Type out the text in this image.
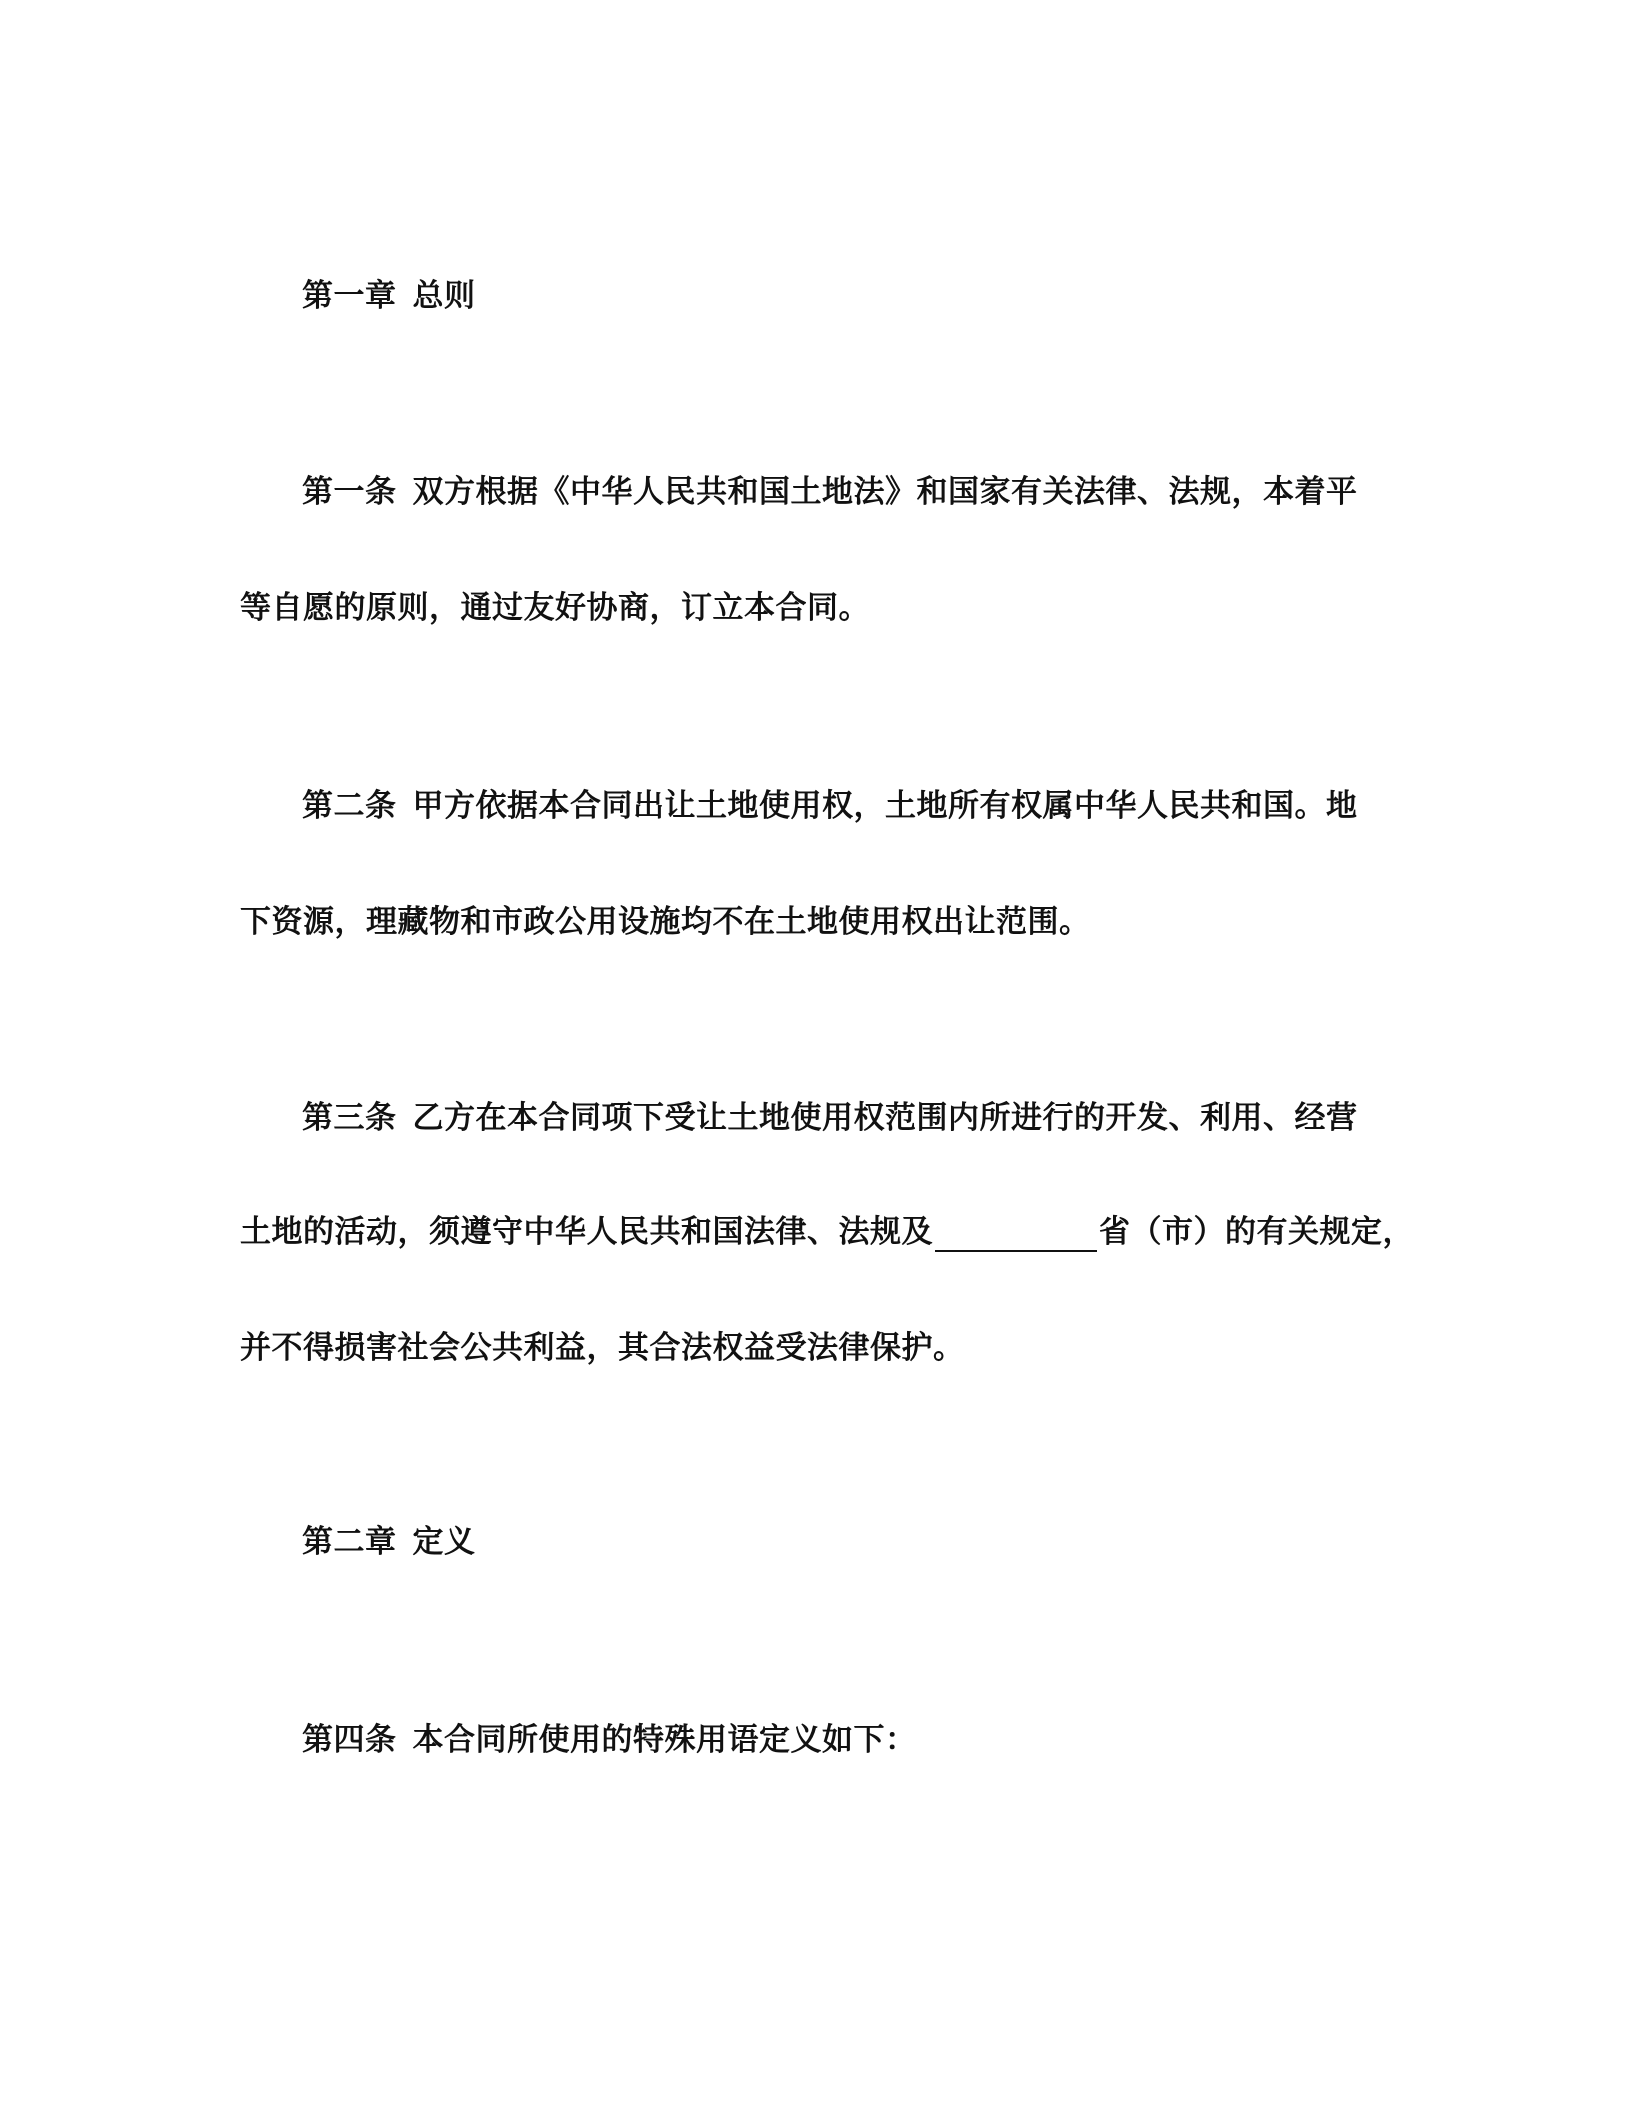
第一章 总则
第一条 双方根据《中华人民共和国土地法》和国家有关法律、法规，本着平
等自愿的原则，通过友好协商，订立本合同。
第二条 甲方依据本合同出让土地使用权，土地所有权属中华人民共和国。地
下资源，理藏物和市政公用设施均不在土地使用权出让范围。
第三条 乙方在本合同项下受让土地使用权范围内所进行的开发、利用、经营
土地的活动，须遵守中华人民共和国法律、法规及	省（市）的有关规定，
并不得损害社会公共利益，其合法权益受法律保护。
第二章 定义
第四条 本合同所使用的特殊用语定义如下：
